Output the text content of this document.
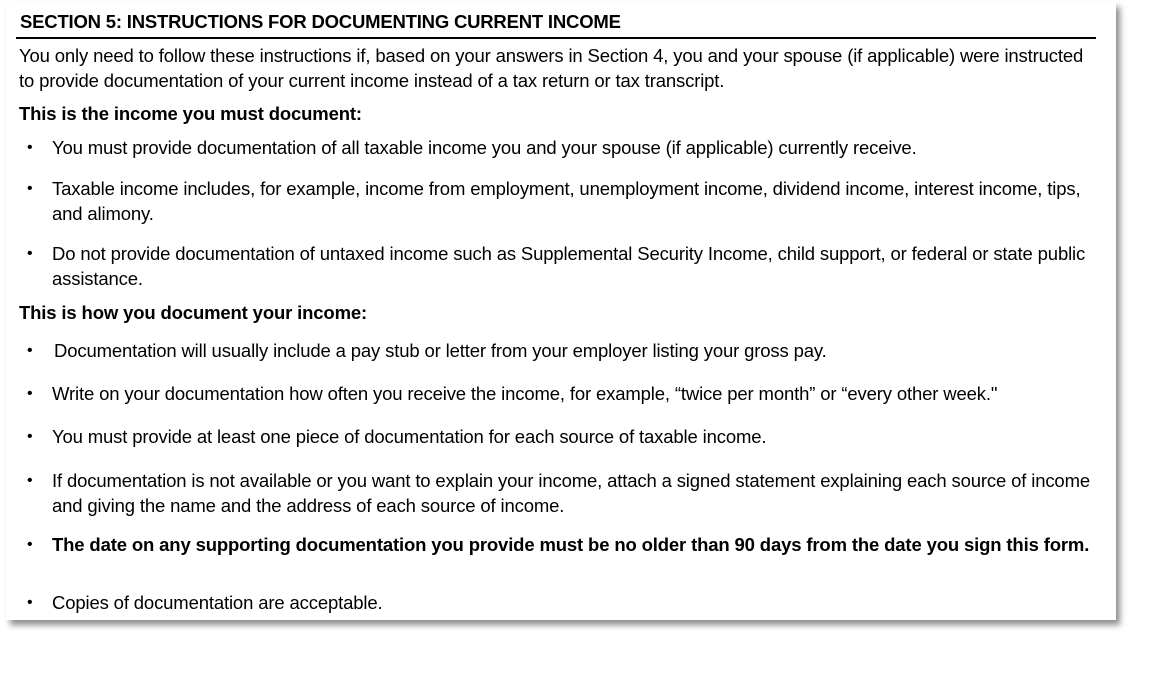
SECTION 5: INSTRUCTIONS FOR DOCUMENTING CURRENT INCOME
You only need to follow these instructions if, based on your answers in Section 4, you and your spouse (if applicable) were instructed to provide documentation of your current income instead of a tax return or tax transcript.
This is the income you must document:
•	You must provide documentation of all taxable income you and your spouse (if applicable) currently receive.
•	Taxable income includes, for example, income from employment, unemployment income, dividend income, interest income, tips, and alimony.
•	Do not provide documentation of untaxed income such as Supplemental Security Income, child support, or federal or state public assistance.
This is how you document your income:
•	Documentation will usually include a pay stub or letter from your employer listing your gross pay.
•	Write on your documentation how often you receive the income, for example, “twice per month” or “every other week."
•	You must provide at least one piece of documentation for each source of taxable income.
•	If documentation is not available or you want to explain your income, attach a signed statement explaining each source of income and giving the name and the address of each source of income.
•	The date on any supporting documentation you provide must be no older than 90 days from the date you sign this form.
•	Copies of documentation are acceptable.
